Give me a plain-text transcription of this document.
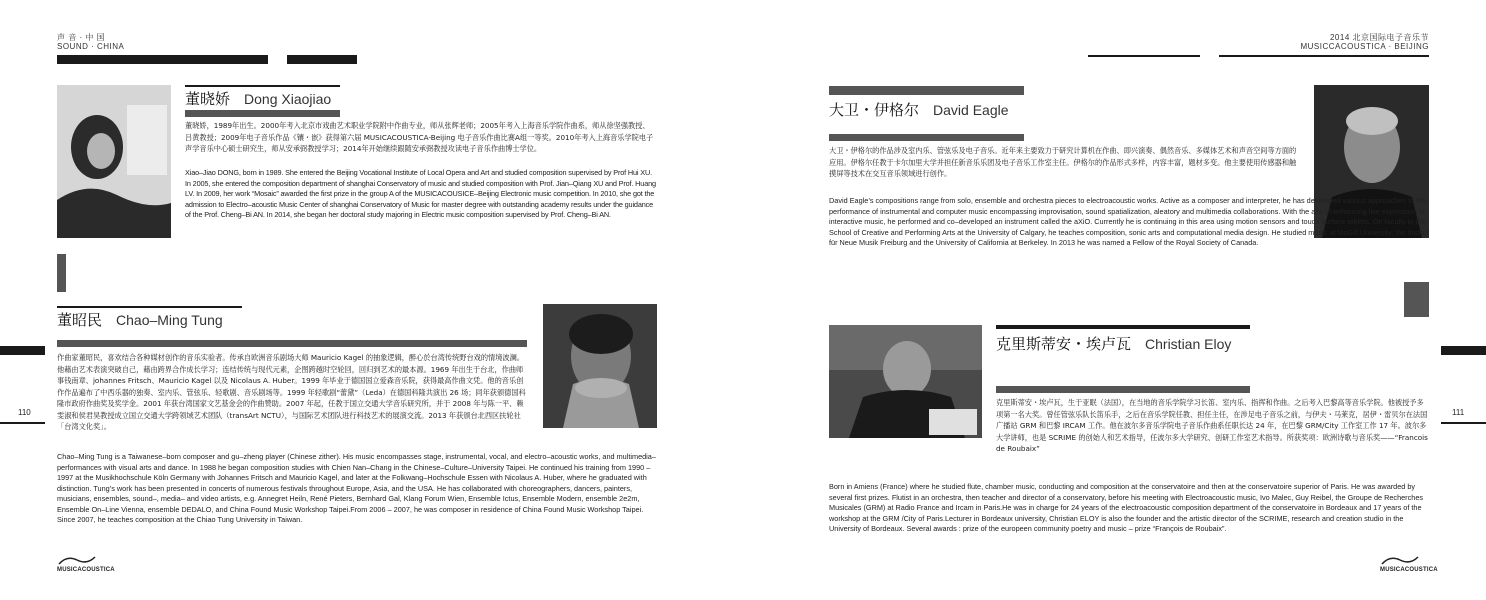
声 音 · 中 国
SOUND · CHINA
2014 北京国际电子音乐节
MUSICCACOUSTICA · BEIJING
110	111
董晓娇 Dong Xiaojiao
董晓娇，1989年出生。2000年考入北京市戏曲艺术职业学院附中作曲专业，师从张辉老师；2005年考入上海音乐学院作曲系，师从徐坚强教授、吕黄教授；2009年电子音乐作品《镶・嵌》获得第六届 MUSICACOUSTICA-Beijing 电子音乐作曲比赛A组一等奖。2010年考入上海音乐学院电子声学音乐中心硕士研究生，师从安承弼教授学习；2014年开始继续跟随安承弼教授攻读电子音乐作曲博士学位。
Xiao–Jiao DONG, born in 1989. She entered the Beijing Vocational Institute of Local Opera and Art and studied composition supervised by Prof Hui XU. In 2005, she entered the composition department of shanghai Conservatory of music and studied composition with Prof. Jian–Qiang XU and Prof. Huang LV. In 2009, her work “Mosaic” awarded the first prize in the group A of the MUSICACOUSICE–Beijing Electronic music competition. In 2010, she got the admission to Electro–acoustic Music Center of shanghai Conservatory of Music for master degree with outstanding academy results under the guidance of the Prof. Cheng–Bi AN. In 2014, she began her doctoral study majoring in Electric music composition supervised by Prof. Cheng–Bi AN.
董昭民 Chao–Ming Tung
作曲家董昭民，喜欢结合各种媒材创作的音乐实验者。传承自欧洲音乐剧场大师 Mauricio Kagel 的抽象逻辑，醉心於台湾传统野台戏的情境波澜。他藉由艺术表演突破自己，藉由跨界合作成长学习；连结传统与现代元素，企图跨越时空轮回，回归到艺术的最本源。1969 年出生于台北，作曲师事钱南章、johannes Fritsch、Mauricio Kagel 以及 Nicolaus A. Huber。1999 年毕业于德国国立爱森音乐院，获得最高作曲文凭。他的音乐创作作品遍布了中西乐器的独奏、室内乐、管弦乐、轻歌剧、音乐剧场等。1999 年轻歌剧“蕾黛”（Leda）在德国科隆共演出 26 场；同年获颁德国科隆市政府作曲奖及奖学金。2001 年获台湾国家文艺基金会的作曲赞助。2007 年起，任教于国立交通大学音乐研究所，并于 2008 年与陈一平、赖雯淑和侯君昊教授成立国立交通大学跨领域艺术团队（transArt NCTU），与国际艺术团队进行科技艺术的展演交流。2013 年获颁台北西区扶轮社「台湾文化奖」。
Chao–Ming Tung is a Taiwanese–born composer and gu–zheng player (Chinese zither). His music encompasses stage, instrumental, vocal, and electro–acoustic works, and multimedia–performances with visual arts and dance. In 1988 he began composition studies with Chien Nan–Chang in the Chinese–Culture–University Taipei. He continued his training from 1990 –1997 at the Musikhochschule Köln Germany with Johannes Fritsch and Mauricio Kagel, and later at the Folkwang–Hochschule Essen with Nicolaus A. Huber, where he graduated with distinction. Tung’s work has been presented in concerts of numerous festivals throughout Europe, Asia, and the USA. He has collaborated with choreographers, dancers, painters, musicians, ensembles, sound–, media– and video artists, e.g. Annegret Heiln, René Pieters, Bernhard Gal, Klang Forum Wien, Ensemble Ictus, Ensemble Modern, ensemble 2e2m, Ensemble On–Line Vienna, ensemble DEDALO, and China Found Music Workshop Taipei.From 2006 – 2007, he was composer in residence of China Found Music Workshop Taipei. Since 2007, he teaches composition at the Chiao Tung University in Taiwan.
大卫・伊格尔 David Eagle
大卫・伊格尔的作品涉及室内乐、管弦乐及电子音乐。近年来主要致力于研究计算机在作曲、即兴演奏、偶然音乐、多媒体艺术和声音空间等方面的应用。伊格尔任教于卡尔加里大学并担任新音乐乐团及电子音乐工作室主任。伊格尔的作品形式多样，内容丰富，题材多变。他主要使用传感器和触摸屏等技术在交互音乐领域进行创作。
David Eagle’s compositions range from solo, ensemble and orchestra pieces to electroacoustic works. Active as a composer and interpreter, he has developed various approaches to the performance of instrumental and computer music encompassing improvisation, sound spatialization, aleatory and multimedia collaborations. With the aim of enhancing live expression in interactive music, he performed and co–developed an instrument called the aXiO. Currently he is continuing in this area using motion sensors and touch surface tablets. On faculty in the School of Creative and Performing Arts at the University of Calgary, he teaches composition, sonic arts and computational media design. He studied music at McGill University, the Institut für Neue Musik Freiburg and the University of California at Berkeley. In 2013 he was named a Fellow of the Royal Society of Canada.
克里斯蒂安・埃卢瓦 Christian Eloy
克里斯蒂安・埃卢瓦，生于亚眠（法国），在当地的音乐学院学习长笛、室内乐、指挥和作曲。之后考入巴黎高等音乐学院。他被授予多项第一名大奖。曾任管弦乐队长笛乐手，之后在音乐学院任教、担任主任，在涉足电子音乐之前，与伊夫・马莱克，居伊・雷贝尔在法国广播站 GRM 和巴黎 IRCAM 工作。他在波尔多音乐学院电子音乐作曲系任职长达 24 年，在巴黎 GRM/City 工作室工作 17 年。波尔多大学讲师，也是 SCRIME 的创始人和艺术指导，任波尔多大学研究、创研工作室艺术指导。所获奖项：欧洲诗歌与音乐奖——“Francois de Roubaix”
Born in Amiens (France) where he studied flute, chamber music, conducting and composition at the conservatoire and then at the conservatoire superior of Paris. He was awarded by several first prizes. Flutist in an orchestra, then teacher and director of a conservatory, before his meeting with Electroacoustic music, Ivo Malec, Guy Reibel, the Groupe de Recherches Musicales (GRM) at Radio France and Ircam in Paris.He was in charge for 24 years of the electroacoustic composition department of the conservatoire in Bordeaux and 17 years of the workshop at the GRM /City of Paris.Lecturer in Bordeaux university, Christian ELOY is also the founder and the artistic director of the SCRIME, research and creation studio in the University of Bordeaux. Several awards : prize of the europeen community poetry and music – prize “François de Roubaix”.
MUSICACOUSTICA	MUSICACOUSTICA
